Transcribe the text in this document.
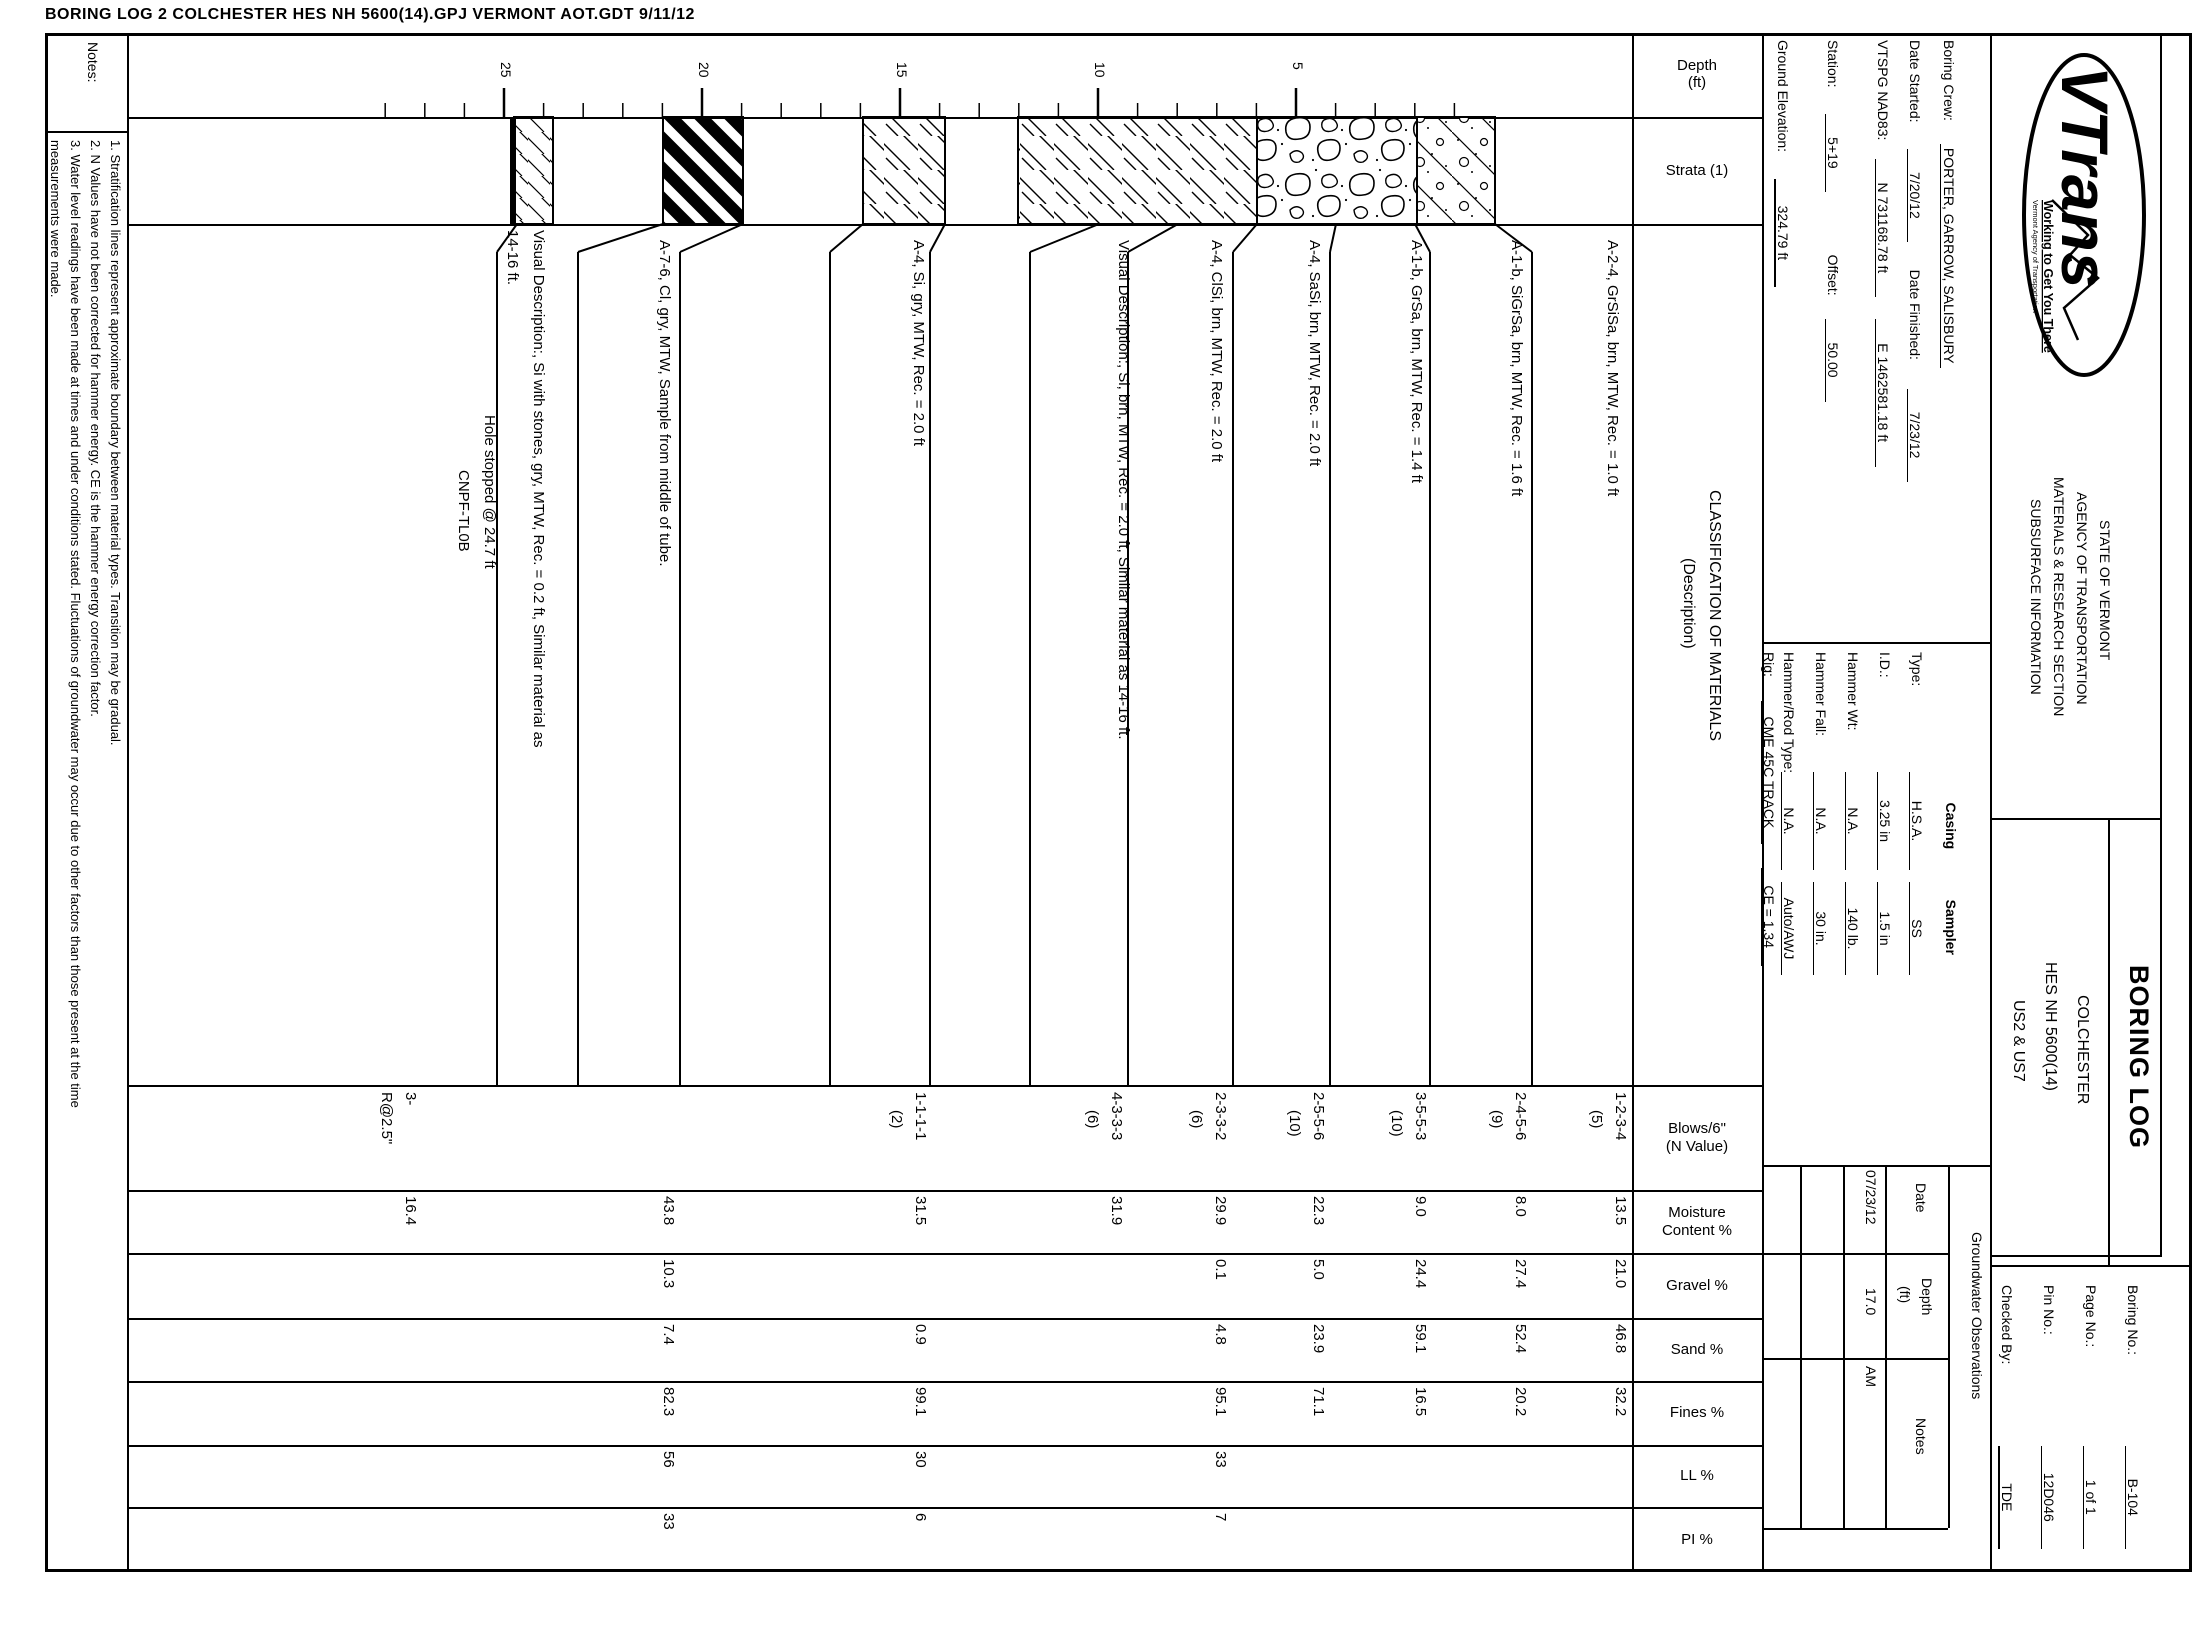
BORING LOG 2 COLCHESTER HES NH 5600(14).GPJ VERMONT AOT.GDT 9/11/12
Depth
(ft)
Strata (1)
CLASSIFICATION OF MATERIALS
(Description)
Blows/6"
(N Value)
Moisture
Content %
Gravel %
Sand %
Fines %
LL %
PI %
Notes:
1. Stratification lines represent approximate boundary between material types. Transition may be gradual.
2. N Values have not been corrected for hammer energy. CE is the hammer energy correction factor.
3. Water level readings have been made at times and under conditions stated. Fluctuations of groundwater may occur due to other factors than those present at the time
measurements were made.
Hole stopped @ 24.7 ft
CNPF-TL0B
A-2-4, GrSiSa, brn, MTW, Rec. = 1.0 ft
A-1-b, SiGrSa, brn, MTW, Rec. = 1.6 ft
A-1-b, GrSa, brn, MTW, Rec. = 1.4 ft
A-4, SaSi, brn, MTW, Rec. = 2.0 ft
A-4, ClSi, brn, MTW, Rec. = 2.0 ft
Visual Description:, Si, brn, MTW, Rec. = 2.0 ft, Similar material as 14-16 ft.
A-4, Si, gry, MTW, Rec. = 2.0 ft
A-7-6, Cl, gry, MTW, Sample from middle of tube.
Visual Description:, Si with stones, gry, MTW, Rec. = 0.2 ft, Similar material as
14-16 ft.
1-2-3-4
(5)
13.5
21.0
46.8
32.2
2-4-5-6
(9)
8.0
27.4
52.4
20.2
3-5-5-3
(10)
9.0
24.4
59.1
16.5
2-5-5-6
(10)
22.3
5.0
23.9
71.1
2-3-3-2
(6)
29.9
0.1
4.8
95.1
33
7
4-3-3-3
(6)
31.9
1-1-1-1
(2)
31.5
0.9
99.1
30
6
43.8
10.3
7.4
82.3
56
33
3-
R@2.5"
16.4
5
10
15
20
25	Boring Crew: PORTER, GARROW, SALISBURY
Date Started: 7/20/12  Date Finished: 7/23/12
VTSPG NAD83: N 731168.78 ft  E 1462581.18 ft
Station: 5+19  Offset: 50.00
Ground Elevation: 324.79 ft
Casing Sampler
Type:H.S.A.SS
I.D.:3.25 in1.5 in
Hammer Wt:N.A.140 lb.
Hammer Fall:N.A.30 in.
Hammer/Rod Type:N.A.Auto/AWJ
Rig: CME 45C TRACK  CE = 1.34
Groundwater Observations
Date
Depth
(ft)
Notes
07/23/12
17.0
AM
VTrans
Working to Get You There
Vermont Agency of Transportation
STATE OF VERMONT
AGENCY OF TRANSPORTATION
MATERIALS & RESEARCH SECTION
SUBSURFACE INFORMATION
BORING LOG
COLCHESTER
HES NH 5600(14)
US2 & US7
Boring No.:  B-104
Page No.:  1 of 1
Pin No.:  12D046
Checked By:  TDE
